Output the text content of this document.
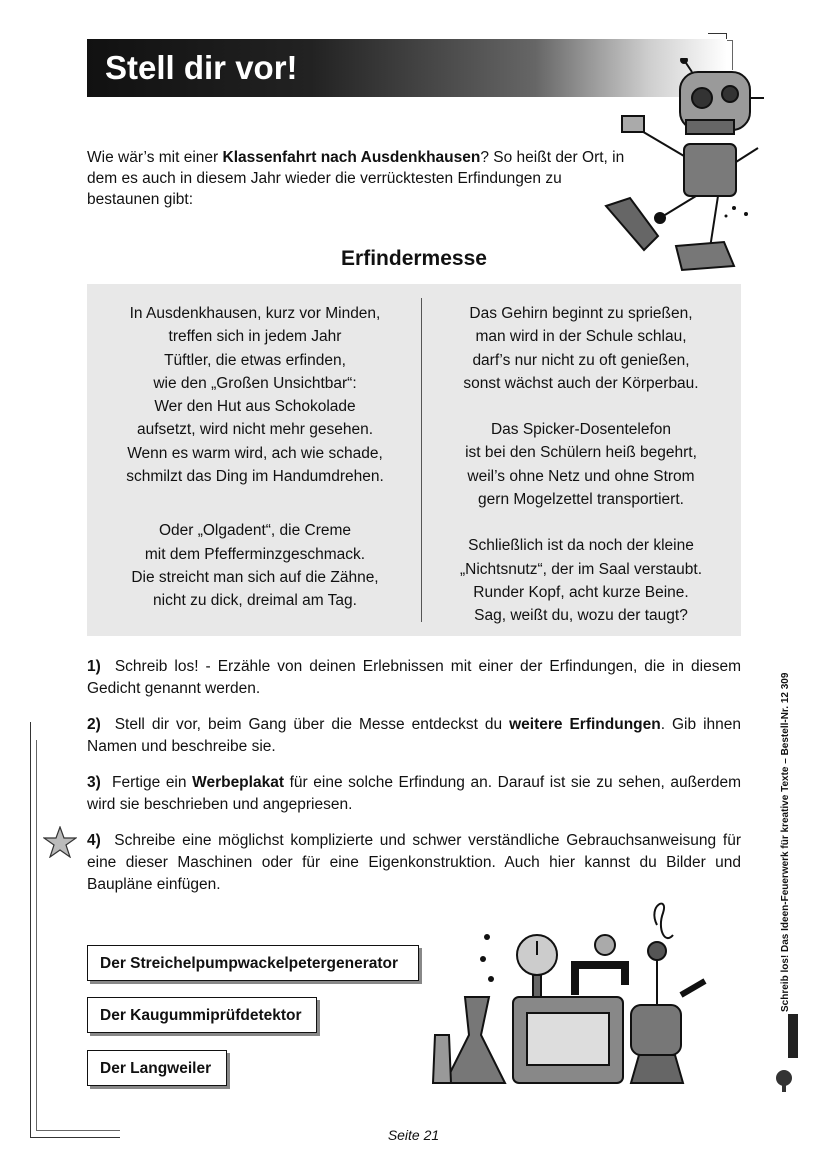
Stell dir vor!
Wie wär’s mit einer Klassenfahrt nach Ausdenkhausen? So heißt der Ort, in dem es auch in diesem Jahr wieder die verrücktesten Erfindungen zu bestaunen gibt:
Erfindermesse
In Ausdenkhausen, kurz vor Minden,
treffen sich in jedem Jahr
Tüftler, die etwas erfinden,
wie den „Großen Unsichtbar“:
Wer den Hut aus Schokolade
aufsetzt, wird nicht mehr gesehen.
Wenn es warm wird, ach wie schade,
schmilzt das Ding im Handumdrehen.
Oder „Olgadent“, die Creme
mit dem Pfefferminzgeschmack.
Die streicht man sich auf die Zähne,
nicht zu dick, dreimal am Tag.
Das Gehirn beginnt zu sprießen,
man wird in der Schule schlau,
darf’s nur nicht zu oft genießen,
sonst wächst auch der Körperbau.
Das Spicker-Dosentelefon
ist bei den Schülern heiß begehrt,
weil’s ohne Netz und ohne Strom
gern Mogelzettel transportiert.
Schließlich ist da noch der kleine
„Nichtsnutz“, der im Saal verstaubt.
Runder Kopf, acht kurze Beine.
Sag, weißt du, wozu der taugt?
1) Schreib los! - Erzähle von deinen Erlebnissen mit einer der Erfindungen, die in diesem Gedicht genannt werden.
2) Stell dir vor, beim Gang über die Messe entdeckst du weitere Erfindungen. Gib ihnen Namen und beschreibe sie.
3) Fertige ein Werbeplakat für eine solche Erfindung an. Darauf ist sie zu sehen, außerdem wird sie beschrieben und angepriesen.
4) Schreibe eine möglichst komplizierte und schwer verständliche Gebrauchsanweisung für eine dieser Maschinen oder für eine Eigenkonstruktion. Auch hier kannst du Bilder und Baupläne einfügen.
Der Streichelpumpwackelpetergenerator
Der Kaugummiprüfdetektor
Der Langweiler
Schreib los! Das Ideen-Feuerwerk für kreative Texte – Bestell-Nr. 12 309 KOHL VERLAG
Seite 21
